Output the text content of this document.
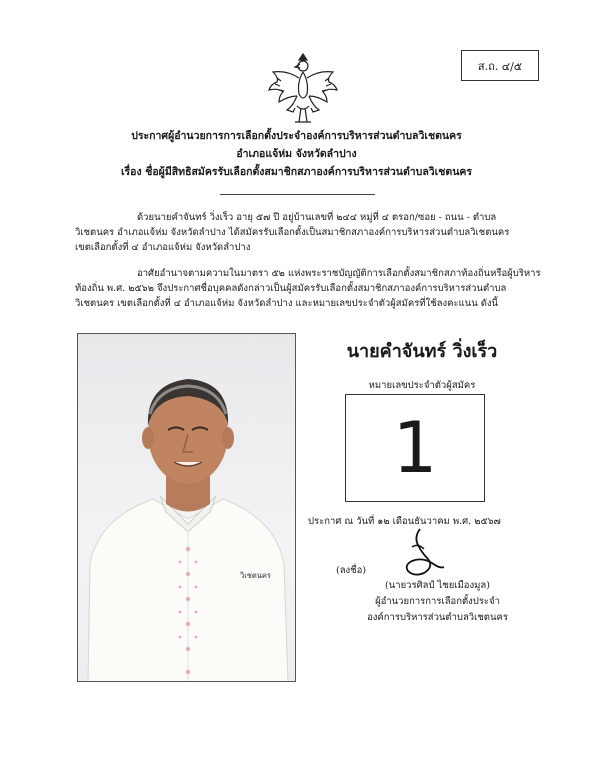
ส.ถ. ๔/๕
ประกาศผู้อำนวยการการเลือกตั้งประจำองค์การบริหารส่วนตำบลวิเชตนคร
อำเภอแจ้ห่ม จังหวัดลำปาง
เรื่อง ชื่อผู้มีสิทธิสมัครรับเลือกตั้งสมาชิกสภาองค์การบริหารส่วนตำบลวิเชตนคร
ด้วยนายคำจันทร์ วิ่งเร็ว อายุ ๕๗ ปี อยู่บ้านเลขที่ ๒๔๔ หมู่ที่ ๔ ตรอก/ซอย - ถนน - ตำบล
วิเชตนคร อำเภอแจ้ห่ม จังหวัดลำปาง ได้สมัครรับเลือกตั้งเป็นสมาชิกสภาองค์การบริหารส่วนตำบลวิเชตนคร
เขตเลือกตั้งที่ ๔ อำเภอแจ้ห่ม จังหวัดลำปาง
อาศัยอำนาจตามความในมาตรา ๕๒ แห่งพระราชบัญญัติการเลือกตั้งสมาชิกสภาท้องถิ่นหรือผู้บริหาร
ท้องถิ่น พ.ศ. ๒๕๖๒ จึงประกาศชื่อบุคคลดังกล่าวเป็นผู้สมัครรับเลือกตั้งสมาชิกสภาองค์การบริหารส่วนตำบล
วิเชตนคร เขตเลือกตั้งที่ ๔ อำเภอแจ้ห่ม จังหวัดลำปาง และหมายเลขประจำตัวผู้สมัครที่ใช้ลงคะแนน ดังนี้
วิเชตนคร
นายคำจันทร์ วิ่งเร็ว
หมายเลขประจำตัวผู้สมัคร
1
ประกาศ ณ วันที่ ๑๒ เดือนธันวาคม พ.ศ. ๒๕๖๗
(ลงชื่อ)
(นายวรศิลป์ ไชยเมืองมูล)
ผู้อำนวยการการเลือกตั้งประจำ
องค์การบริหารส่วนตำบลวิเชตนคร
